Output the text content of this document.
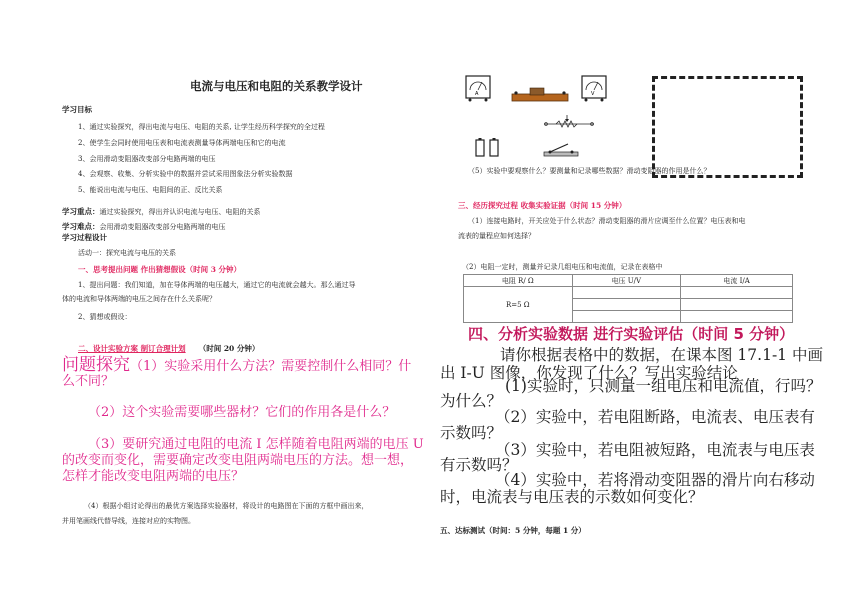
电流与电压和电阻的关系教学设计
学习目标
1、通过实验探究，得出电流与电压、电阻的关系, 让学生经历科学探究的全过程
2、使学生会同时使用电压表和电流表测量导体两端电压和它的电流
3、会用滑动变阻器改变部分电路两端的电压
4、会观察、收集、分析实验中的数据并尝试采用图象法分析实验数据
5、能说出电流与电压、电阻间的正、反比关系
学习重点：通过实验探究，得出并认识电流与电压、电阻的关系
学习难点：会用滑动变阻器改变部分电路两端的电压
学习过程设计
活动一：探究电流与电压的关系
一、思考提出问题 作出猜想假设（时间 3 分钟）
1、提出问题：我们知道，加在导体两端的电压越大，通过它的电流就会越大。那么通过导
体的电流和导体两端的电压之间存在什么关系呢？
2、猜想或假设：
二、设计实验方案 制订合理计划 （时间 20 分钟）
问题探究（1）实验采用什么方法？需要控制什么相同？什
么不同？
（2）这个实验需要哪些器材？它们的作用各是什么？
（3）要研究通过电阻的电流 I 怎样随着电阻两端的电压 U
的改变而变化，需要确定改变电阻两端电压的方法。想一想，
怎样才能改变电阻两端的电压？
（4）根据小组讨论得出的最优方案选择实验器材，将设计的电路图在下面的方框中画出来，
并用笔画线代替导线，连接对应的实物图。
A	V
（5）实验中要观察什么？要测量和记录哪些数据？滑动变阻器的作用是什么？
三、经历探究过程 收集实验证据（时间 15 分钟）
（1）连接电路时，开关应处于什么状态？滑动变阻器的滑片应调至什么位置？电压表和电
流表的量程应如何选择？
（2）电阻一定时，测量并记录几组电压和电流值，记录在表格中
电阻 R/ Ω	电压 U/V	电流 I/A
R=5 Ω		

四、分析实验数据 进行实验评估（时间 5 分钟）
请你根据表格中的数据，在课本图 17.1-1 中画
出 I-U 图像，你发现了什么？写出实验结论
(1)实验时，只测量一组电压和电流值，行吗？
为什么？
（2）实验中，若电阻断路，电流表、电压表有
示数吗？
（3）实验中，若电阻被短路，电流表与电压表
有示数吗？
（4）实验中，若将滑动变阻器的滑片向右移动
时，电流表与电压表的示数如何变化？
五、达标测试（时间：5 分钟，每题 1 分）
